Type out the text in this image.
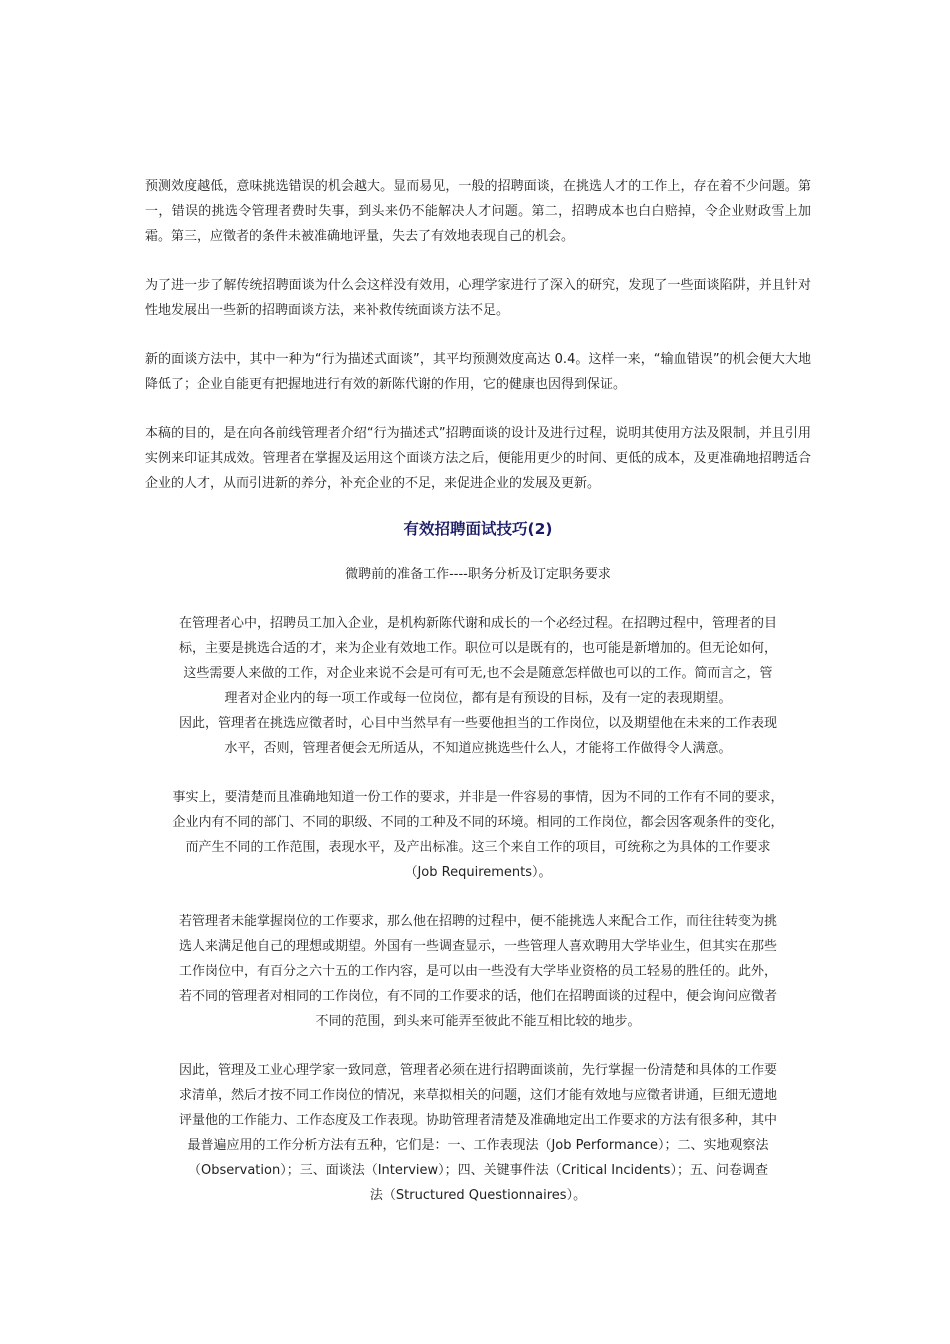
预测效度越低，意味挑选错误的机会越大。显而易见，一般的招聘面谈，在挑选人才的工作上，存在着不少问题。第一，错误的挑选令管理者费时失事，到头来仍不能解决人才问题。第二，招聘成本也白白赔掉，令企业财政雪上加霜。第三，应徵者的条件未被准确地评量，失去了有效地表现自己的机会。

为了进一步了解传统招聘面谈为什么会这样没有效用，心理学家进行了深入的研究，发现了一些面谈陷阱，并且针对性地发展出一些新的招聘面谈方法，来补救传统面谈方法不足。

新的面谈方法中，其中一种为“行为描述式面谈”，其平均预测效度高达 0.4。这样一来，“输血错误”的机会便大大地降低了；企业自能更有把握地进行有效的新陈代谢的作用，它的健康也因得到保证。

本稿的目的，是在向各前线管理者介绍“行为描述式”招聘面谈的设计及进行过程，说明其使用方法及限制，并且引用实例来印证其成效。管理者在掌握及运用这个面谈方法之后，便能用更少的时间、更低的成本，及更准确地招聘适合企业的人才，从而引进新的养分，补充企业的不足，来促进企业的发展及更新。

有效招聘面试技巧(2)

微聘前的准备工作----职务分析及订定职务要求

在管理者心中，招聘员工加入企业，是机构新陈代谢和成长的一个必经过程。在招聘过程中，管理者的目

标，主要是挑选合适的才，来为企业有效地工作。职位可以是既有的，也可能是新增加的。但无论如何，

这些需要人来做的工作，对企业来说不会是可有可无,也不会是随意怎样做也可以的工作。简而言之，管

理者对企业内的每一项工作或每一位岗位，都有是有预设的目标，及有一定的表现期望。

因此，管理者在挑选应徵者时，心目中当然早有一些要他担当的工作岗位，以及期望他在未来的工作表现

水平，否则，管理者便会无所适从，不知道应挑选些什么人，才能将工作做得令人满意。

事实上，要清楚而且准确地知道一份工作的要求，并非是一件容易的事情，因为不同的工作有不同的要求，

企业内有不同的部门、不同的职级、不同的工种及不同的环境。相同的工作岗位，都会因客观条件的变化，

而产生不同的工作范围，表现水平，及产出标准。这三个来自工作的项目，可统称之为具体的工作要求

（Job Requirements）。

若管理者未能掌握岗位的工作要求，那么他在招聘的过程中，便不能挑选人来配合工作，而往往转变为挑

选人来满足他自己的理想或期望。外国有一些调查显示，一些管理人喜欢聘用大学毕业生，但其实在那些

工作岗位中，有百分之六十五的工作内容，是可以由一些没有大学毕业资格的员工轻易的胜任的。此外，

若不同的管理者对相同的工作岗位，有不同的工作要求的话，他们在招聘面谈的过程中，便会询问应徵者

不同的范围，到头来可能弄至彼此不能互相比较的地步。

因此，管理及工业心理学家一致同意，管理者必须在进行招聘面谈前，先行掌握一份清楚和具体的工作要

求清单，然后才按不同工作岗位的情况，来草拟相关的问题，这们才能有效地与应徵者讲通，巨细无遗地

评量他的工作能力、工作态度及工作表现。协助管理者清楚及准确地定出工作要求的方法有很多种，其中

最普遍应用的工作分析方法有五种，它们是：一、工作表现法（Job Performance）；二、实地观察法

（Observation）；三、面谈法（Interview）；四、关键事件法（Critical Incidents）；五、问卷调查

法（Structured Questionnaires）。
